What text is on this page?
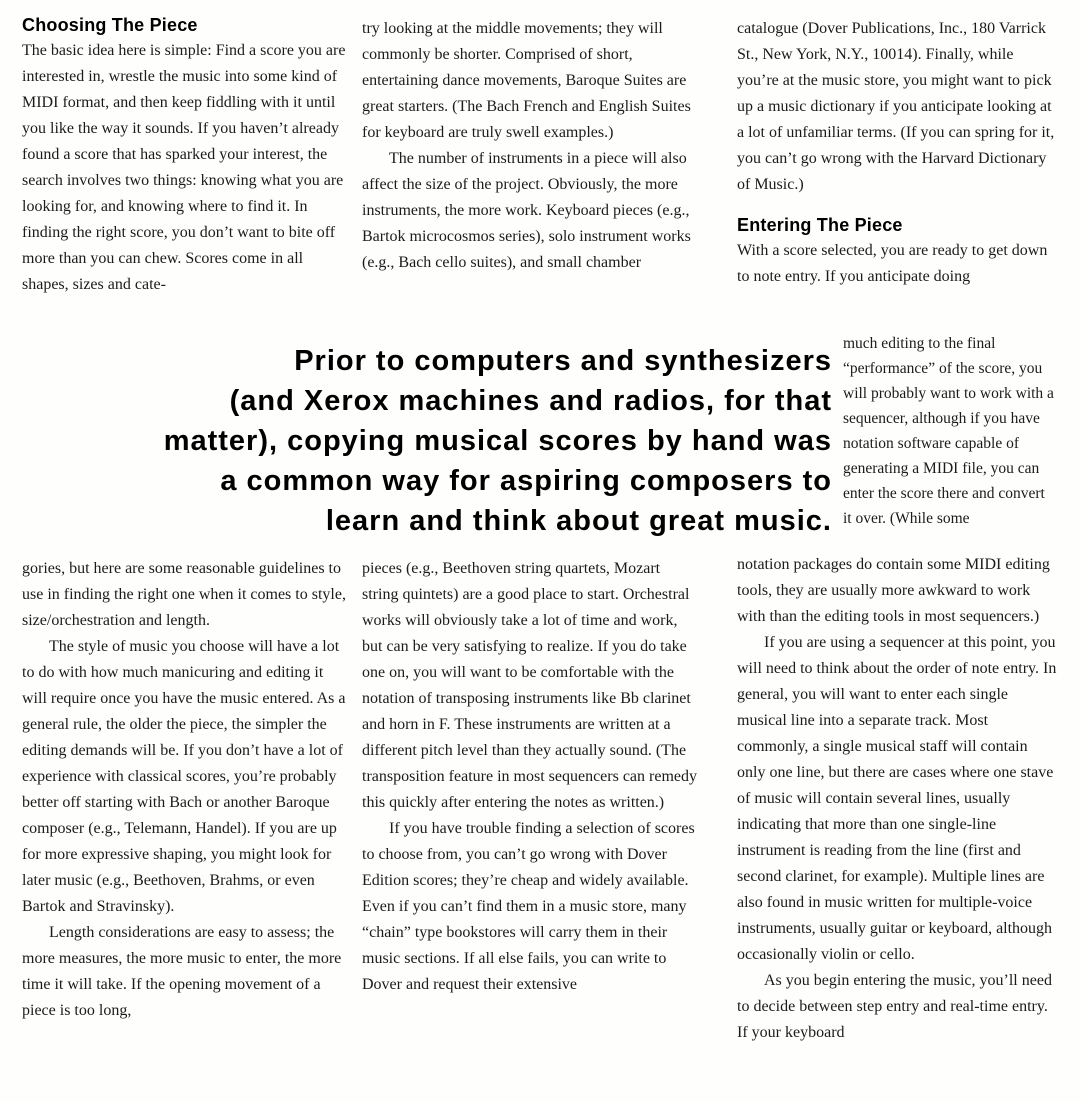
Choosing The Piece

The basic idea here is simple: Find a score you are interested in, wrestle the music into some kind of MIDI format, and then keep fiddling with it until you like the way it sounds. If you haven’t already found a score that has sparked your interest, the search involves two things: knowing what you are looking for, and knowing where to find it. In finding the right score, you don’t want to bite off more than you can chew. Scores come in all shapes, sizes and cate-

try looking at the middle movements; they will commonly be shorter. Comprised of short, entertaining dance movements, Baroque Suites are great starters. (The Bach French and English Suites for keyboard are truly swell examples.)

The number of instruments in a piece will also affect the size of the project. Obviously, the more instruments, the more work. Keyboard pieces (e.g., Bartok microcosmos series), solo instrument works (e.g., Bach cello suites), and small chamber

catalogue (Dover Publications, Inc., 180 Varrick St., New York, N.Y., 10014). Finally, while you’re at the music store, you might want to pick up a music dictionary if you anticipate looking at a lot of unfamiliar terms. (If you can spring for it, you can’t go wrong with the Harvard Dictionary of Music.)

Entering The Piece

With a score selected, you are ready to get down to note entry. If you anticipate doing

Prior to computers and synthesizers
(and Xerox machines and radios, for that
matter), copying musical scores by hand was
a common way for aspiring composers to
learn and think about great music.

much editing to the final “performance” of the score, you will probably want to work with a sequencer, although if you have notation software capable of generating a MIDI file, you can enter the score there and convert it over. (While some

gories, but here are some reasonable guidelines to use in finding the right one when it comes to style, size/orchestration and length.

The style of music you choose will have a lot to do with how much manicuring and editing it will require once you have the music entered. As a general rule, the older the piece, the simpler the editing demands will be. If you don’t have a lot of experience with classical scores, you’re probably better off starting with Bach or another Baroque composer (e.g., Telemann, Handel). If you are up for more expressive shaping, you might look for later music (e.g., Beethoven, Brahms, or even Bartok and Stravinsky).

Length considerations are easy to assess; the more measures, the more music to enter, the more time it will take. If the opening movement of a piece is too long,

pieces (e.g., Beethoven string quartets, Mozart string quintets) are a good place to start. Orchestral works will obviously take a lot of time and work, but can be very satisfying to realize. If you do take one on, you will want to be comfortable with the notation of transposing instruments like Bb clarinet and horn in F. These instruments are written at a different pitch level than they actually sound. (The transposition feature in most sequencers can remedy this quickly after entering the notes as written.)

If you have trouble finding a selection of scores to choose from, you can’t go wrong with Dover Edition scores; they’re cheap and widely available. Even if you can’t find them in a music store, many “chain” type bookstores will carry them in their music sections. If all else fails, you can write to Dover and request their extensive

notation packages do contain some MIDI editing tools, they are usually more awkward to work with than the editing tools in most sequencers.)

If you are using a sequencer at this point, you will need to think about the order of note entry. In general, you will want to enter each single musical line into a separate track. Most commonly, a single musical staff will contain only one line, but there are cases where one stave of music will contain several lines, usually indicating that more than one single-line instrument is reading from the line (first and second clarinet, for example). Multiple lines are also found in music written for multiple-voice instruments, usually guitar or keyboard, although occasionally violin or cello.

As you begin entering the music, you’ll need to decide between step entry and real-time entry. If your keyboard
